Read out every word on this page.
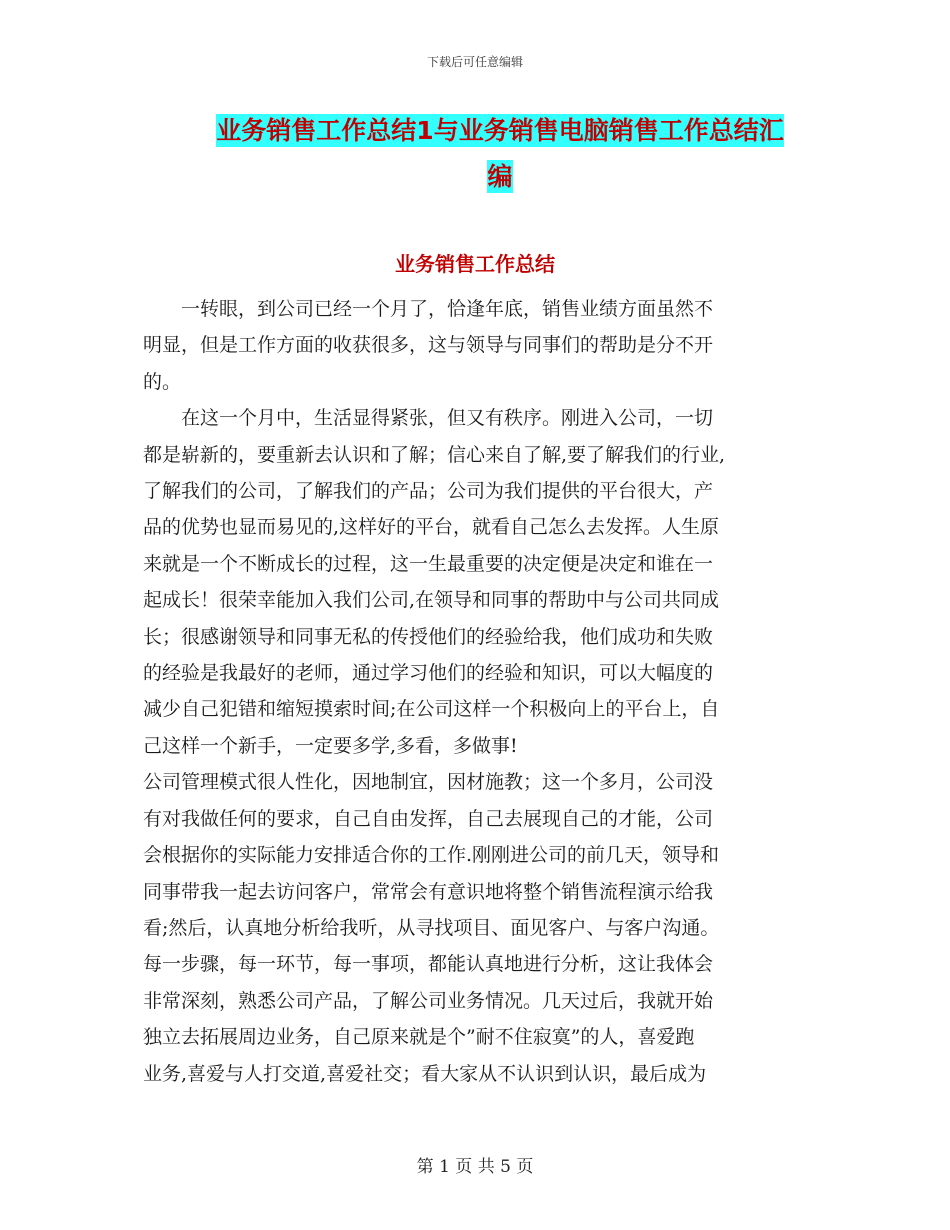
下载后可任意编辑
业务销售工作总结1与业务销售电脑销售工作总结汇
编
业务销售工作总结

　　一转眼，到公司已经一个月了，恰逢年底，销售业绩方面虽然不

明显，但是工作方面的收获很多，这与领导与同事们的帮助是分不开

的。

　　在这一个月中，生活显得紧张，但又有秩序。刚进入公司，一切

都是崭新的，要重新去认识和了解；信心来自了解,要了解我们的行业,

了解我们的公司，了解我们的产品；公司为我们提供的平台很大，产

品的优势也显而易见的,这样好的平台，就看自己怎么去发挥。人生原

来就是一个不断成长的过程，这一生最重要的决定便是决定和谁在一

起成长！很荣幸能加入我们公司,在领导和同事的帮助中与公司共同成

长；很感谢领导和同事无私的传授他们的经验给我，他们成功和失败

的经验是我最好的老师，通过学习他们的经验和知识，可以大幅度的

减少自己犯错和缩短摸索时间;在公司这样一个积极向上的平台上，自

己这样一个新手，一定要多学,多看，多做事!

公司管理模式很人性化，因地制宜，因材施教；这一个多月，公司没

有对我做任何的要求，自己自由发挥，自己去展现自己的才能，公司

会根据你的实际能力安排适合你的工作.刚刚进公司的前几天，领导和

同事带我一起去访问客户，常常会有意识地将整个销售流程演示给我

看;然后，认真地分析给我听，从寻找项目、面见客户、与客户沟通。

每一步骤，每一环节，每一事项，都能认真地进行分析，这让我体会

非常深刻，熟悉公司产品，了解公司业务情况。几天过后，我就开始

独立去拓展周边业务，自己原来就是个”耐不住寂寞”的人，喜爱跑

业务,喜爱与人打交道,喜爱社交；看大家从不认识到认识，最后成为

第 1 页 共 5 页
